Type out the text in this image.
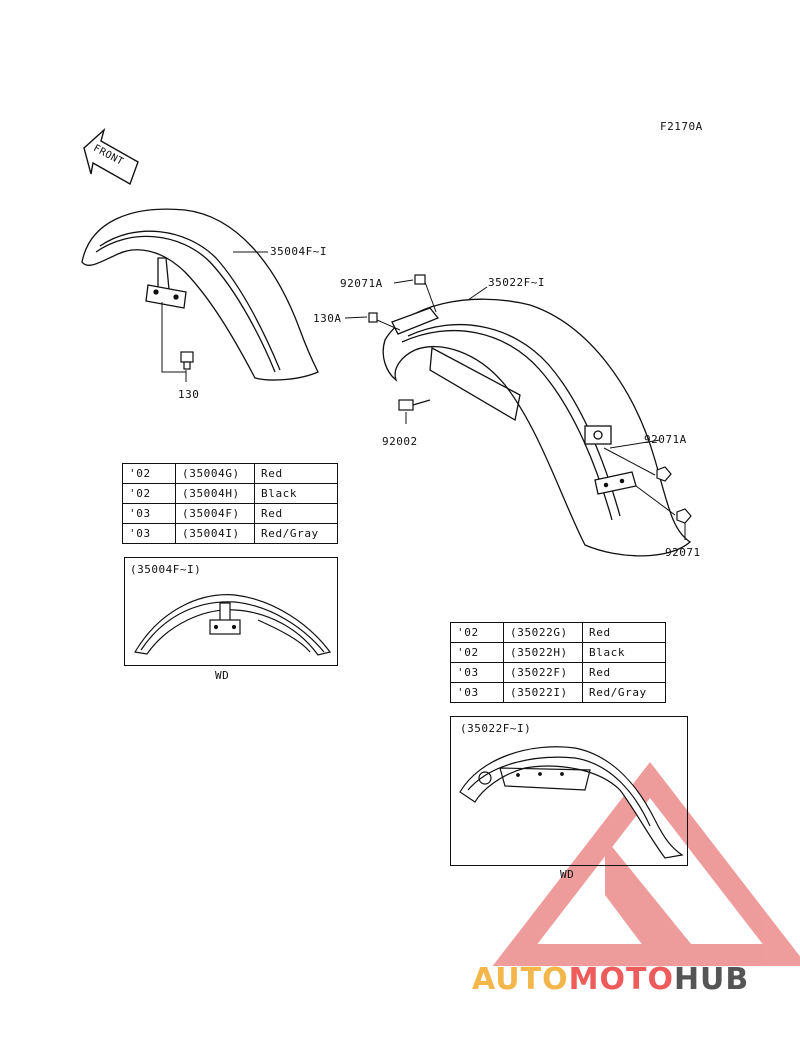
F2170A
FRONT
35004F~I
130
35022F~I
92071A
130A
92002	92071A
92071
'02	(35004G)	Red
'02	(35004H)	Black
'03	(35004F)	Red
'03	(35004I)	Red/Gray
(35004F~I)
WD
'02	(35022G)	Red
'02	(35022H)	Black
'03	(35022F)	Red
'03	(35022I)	Red/Gray
(35022F~I)
WD
AUTOMOTOHUB
